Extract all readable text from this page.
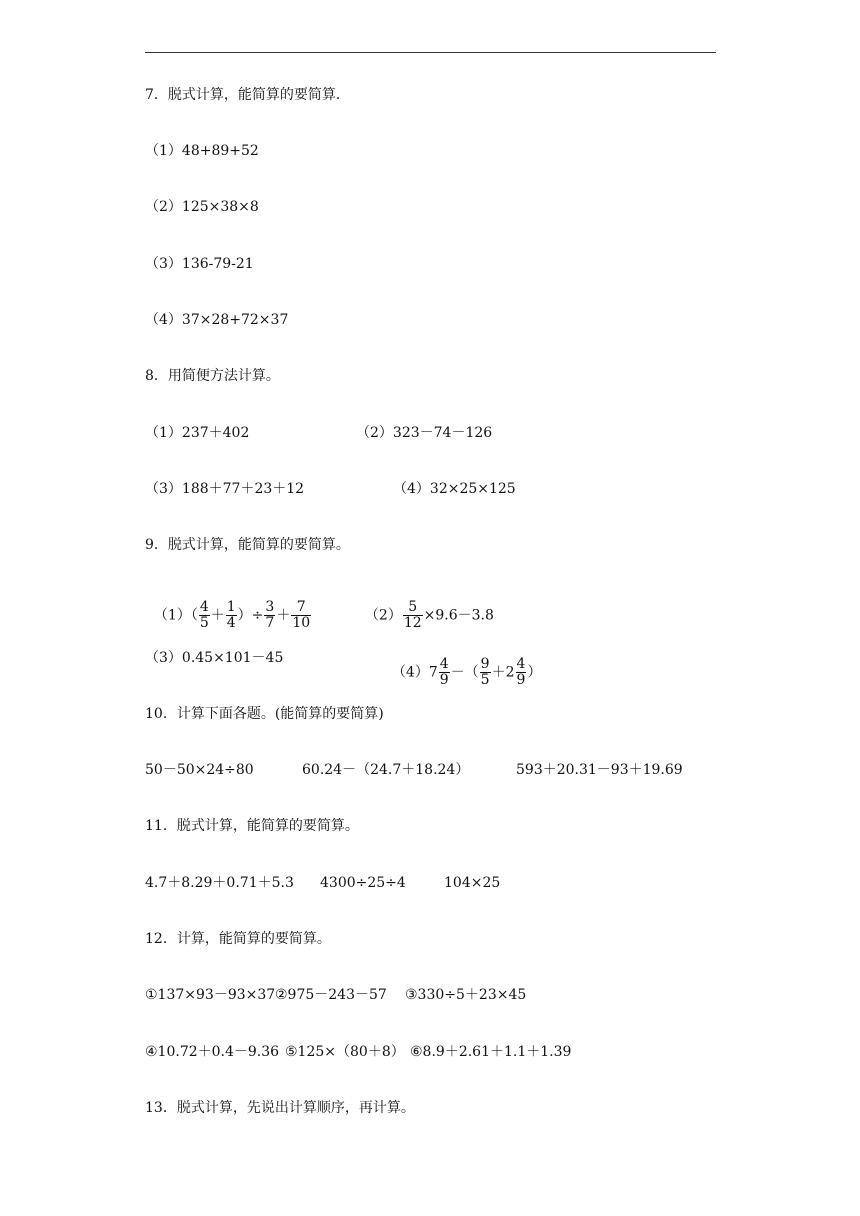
7．脱式计算，能简算的要简算．
（1）48+89+52
（2）125×38×8
（3）136-79-21
（4）37×28+72×37
8．用简便方法计算。
（1）237＋402	（2）323－74－126
（3）188＋77＋23＋12	（4）32×25×125
9．脱式计算，能简算的要简算。

$(1)( \frac{4}{5} + \frac{1}{4}$ ）÷ $\frac{3}{7} + \frac{7}{10}$	$(2) \frac{5}{12} \times 9.6-3.8$

（3）0.45×101－45

$(4)7 \frac{4}{9}$ －（ $\frac{9}{5} +2 \frac{4}{9}$ ）

10．计算下面各题。(能简算的要简算)
50－50×24÷80	60.24－（24.7＋18.24）	593＋20.31－93＋19.69
11．脱式计算，能简算的要简算。
4.7＋8.29＋0.71＋5.3 4300÷25÷4	104×25
12．计算，能简算的要简算。
①137×93－93×37 ②975－243－57 ③330÷5＋23×45
④10.72＋0.4－9.36 ⑤125×（80＋8） ⑥8.9＋2.61＋1.1＋1.39
13．脱式计算，先说出计算顺序，再计算。
